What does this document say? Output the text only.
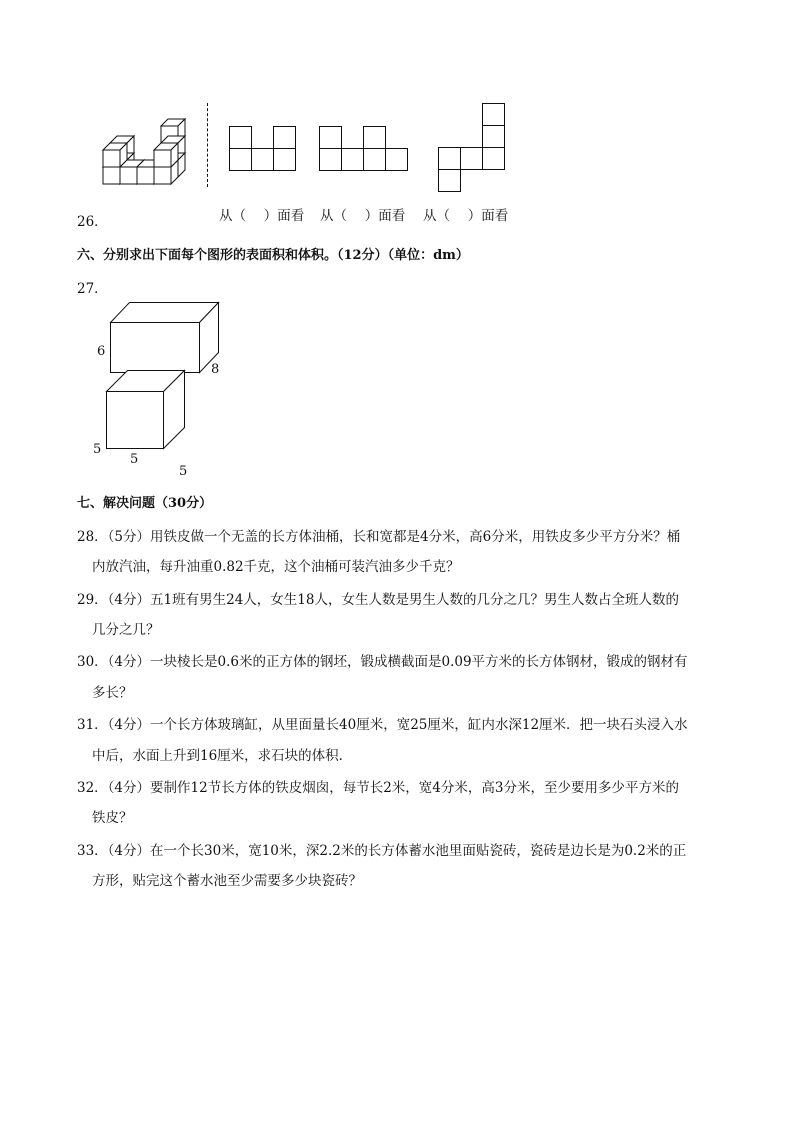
26．	从（　 ）面看 从（　 ）面看 从（　 ）面看
六、分别求出下面每个图形的表面积和体积。（12分）（单位：dm）
27．
6
8
5
5
5
七、解决问题（30分）
28．（5分）用铁皮做一个无盖的长方体油桶，长和宽都是4分米，高6分米，用铁皮多少平方分米？桶
内放汽油，每升油重0.82千克，这个油桶可装汽油多少千克？
29．（4分）五1班有男生24人，女生18人，女生人数是男生人数的几分之几？男生人数占全班人数的
几分之几？
30．（4分）一块棱长是0.6米的正方体的钢坯，锻成横截面是0.09平方米的长方体钢材，锻成的钢材有
多长？
31．（4分）一个长方体玻璃缸，从里面量长40厘米，宽25厘米，缸内水深12厘米．把一块石头浸入水
中后，水面上升到16厘米，求石块的体积．
32．（4分）要制作12节长方体的铁皮烟囱，每节长2米，宽4分米，高3分米，至少要用多少平方米的
铁皮？
33．（4分）在一个长30米，宽10米，深2.2米的长方体蓄水池里面贴瓷砖，瓷砖是边长是为0.2米的正
方形，贴完这个蓄水池至少需要多少块瓷砖？
